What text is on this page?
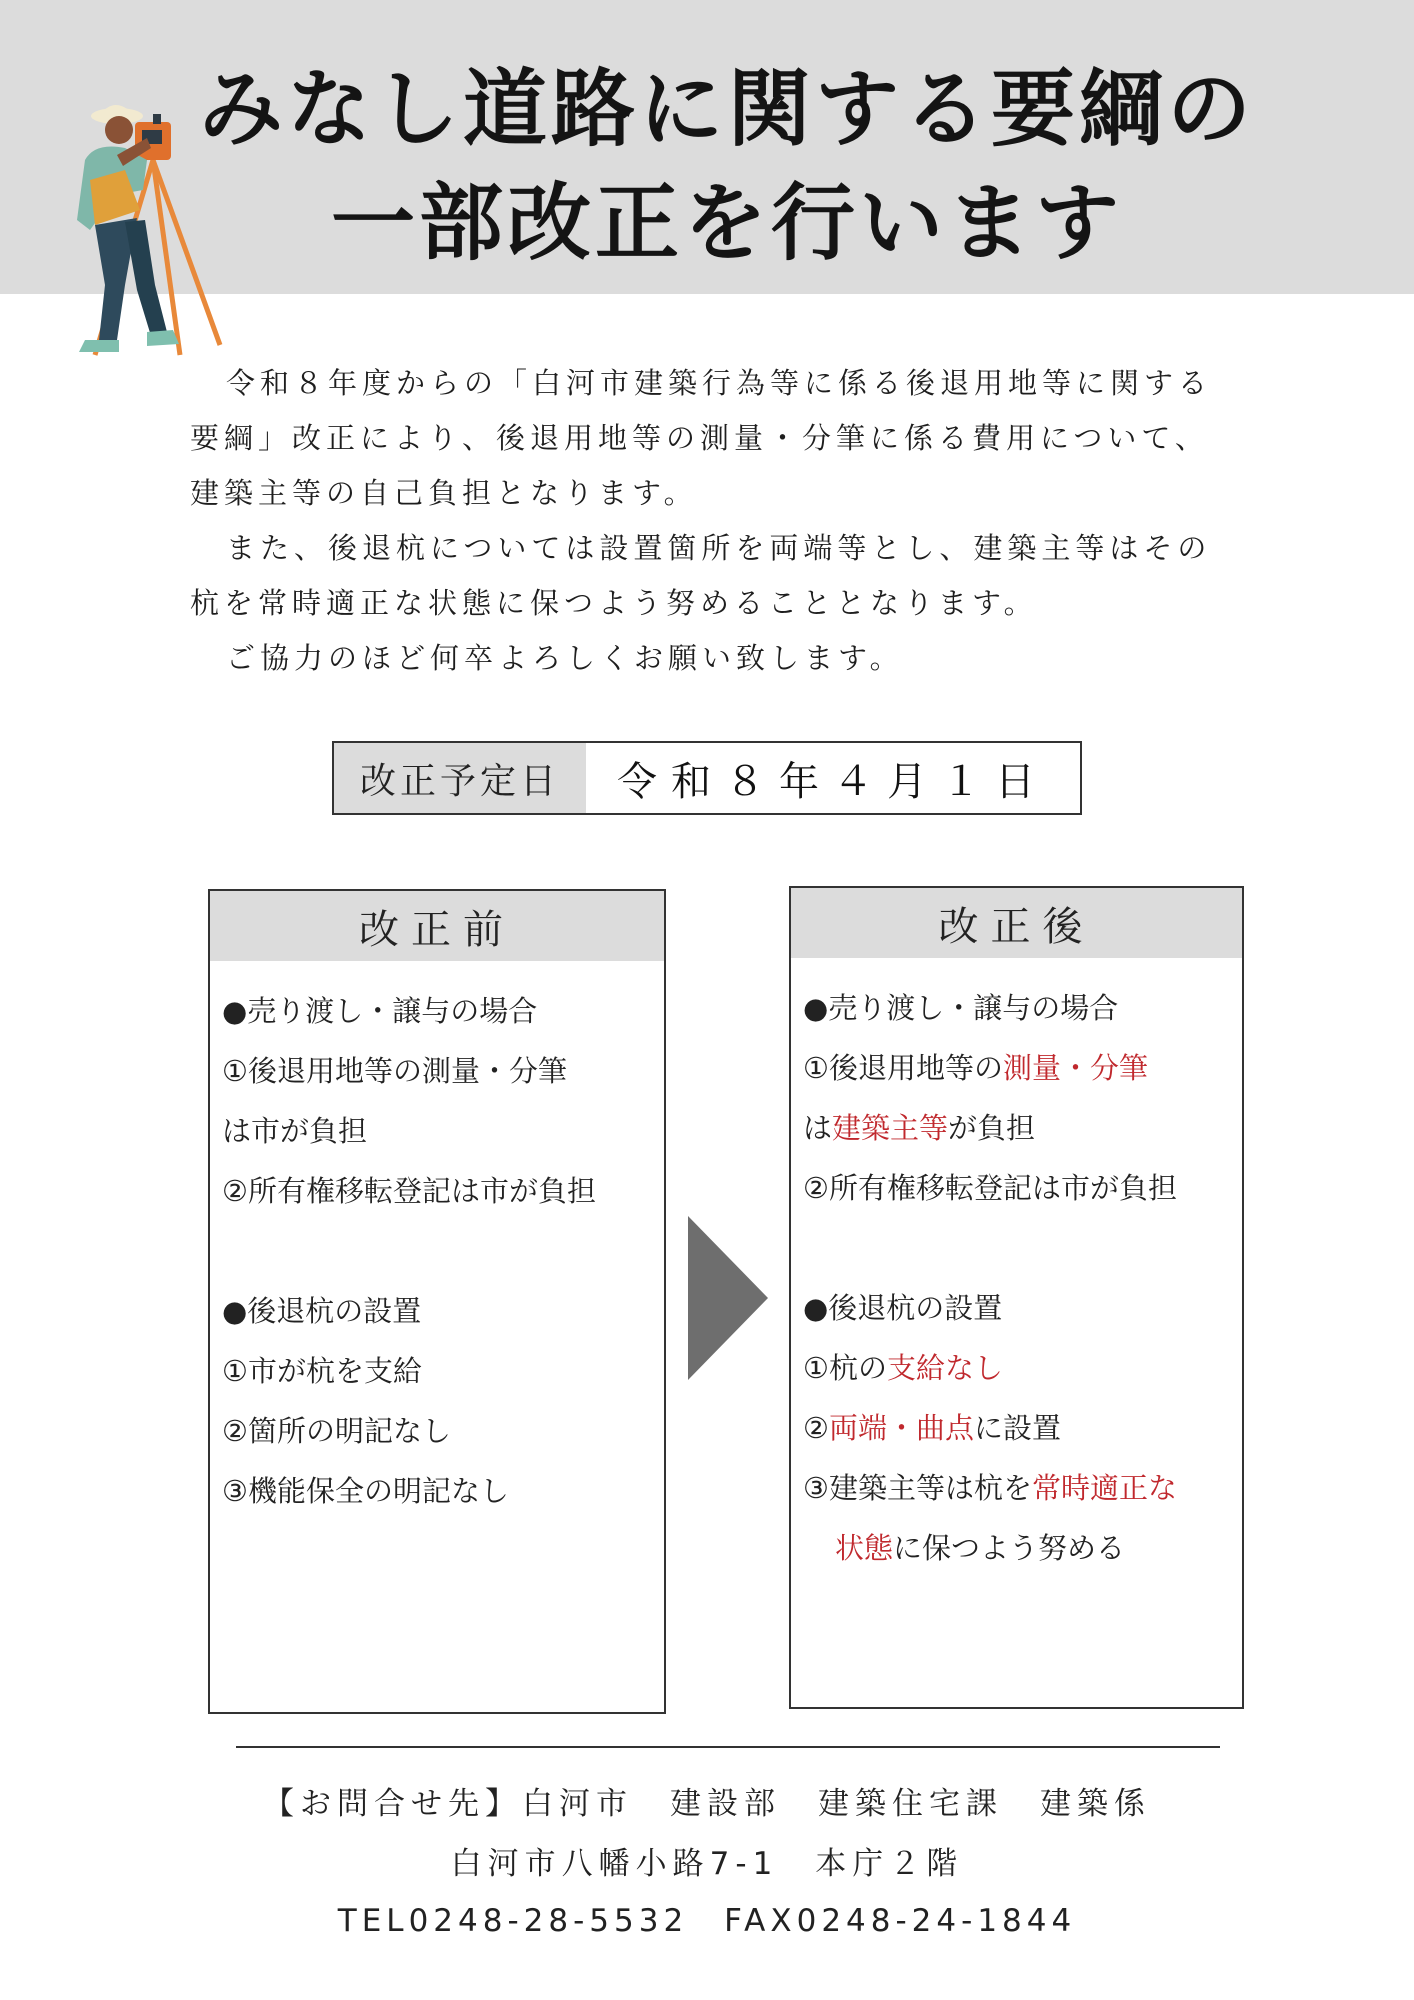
みなし道路に関する要綱の
一部改正を行います

令和８年度からの「白河市建築行為等に係る後退用地等に関する要綱」改正により、後退用地等の測量・分筆に係る費用について、建築主等の自己負担となります。

また、後退杭については設置箇所を両端等とし、建築主等はその杭を常時適正な状態に保つよう努めることとなります。

ご協力のほど何卒よろしくお願い致します。

改正予定日	令和８年４月１日
改正前
●売り渡し・譲与の場合
①後退用地等の測量・分筆
は市が負担
②所有権移転登記は市が負担
●後退杭の設置
①市が杭を支給
②箇所の明記なし
③機能保全の明記なし
改正後
●売り渡し・譲与の場合
①後退用地等の測量・分筆
は建築主等が負担
②所有権移転登記は市が負担
●後退杭の設置
①杭の支給なし
②両端・曲点に設置
③建築主等は杭を常時適正な
状態に保つよう努める
【お問合せ先】白河市　建設部　建築住宅課　建築係
白河市八幡小路7-1　本庁２階
TEL0248-28-5532　FAX0248-24-1844
